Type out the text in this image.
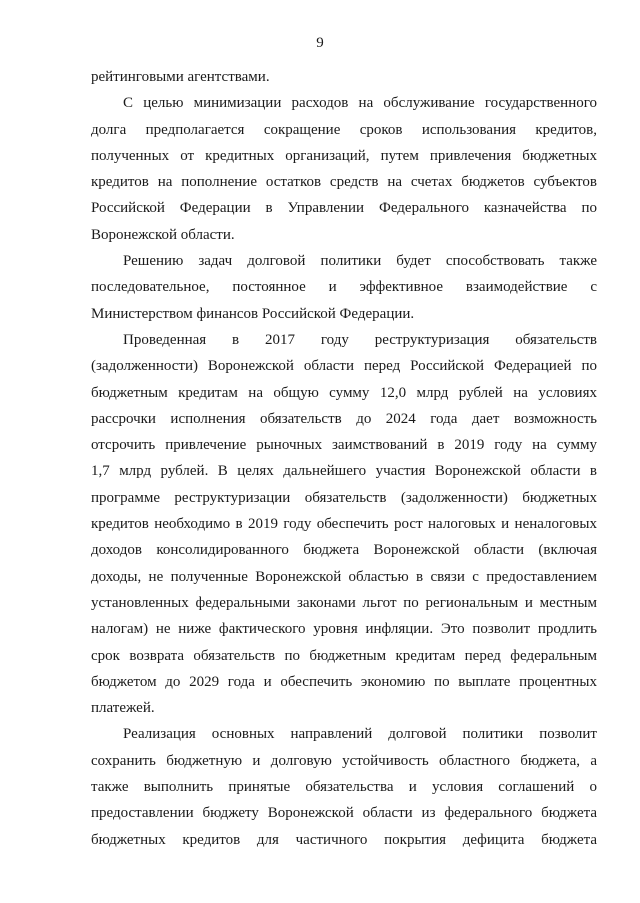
9
рейтинговыми агентствами.
С целью минимизации расходов на обслуживание государственного
долга предполагается сокращение сроков использования кредитов,
полученных от кредитных организаций, путем привлечения бюджетных
кредитов на пополнение остатков средств на счетах бюджетов субъектов
Российской Федерации в Управлении Федерального казначейства по
Воронежской области.
Решению задач долговой политики будет способствовать также
последовательное, постоянное и эффективное взаимодействие с
Министерством финансов Российской Федерации.
Проведенная в 2017 году реструктуризация обязательств
(задолженности) Воронежской области перед Российской Федерацией по
бюджетным кредитам на общую сумму 12,0 млрд рублей на условиях
рассрочки исполнения обязательств до 2024 года дает возможность
отсрочить привлечение рыночных заимствований в 2019 году на сумму
1,7 млрд рублей. В целях дальнейшего участия Воронежской области в
программе реструктуризации обязательств (задолженности) бюджетных
кредитов необходимо в 2019 году обеспечить рост налоговых и неналоговых
доходов консолидированного бюджета Воронежской области (включая
доходы, не полученные Воронежской областью в связи с предоставлением
установленных федеральными законами льгот по региональным и местным
налогам) не ниже фактического уровня инфляции. Это позволит продлить
срок возврата обязательств по бюджетным кредитам перед федеральным
бюджетом до 2029 года и обеспечить экономию по выплате процентных
платежей.
Реализация основных направлений долговой политики позволит
сохранить бюджетную и долговую устойчивость областного бюджета, а
также выполнить принятые обязательства и условия соглашений о
предоставлении бюджету Воронежской области из федерального бюджета
бюджетных кредитов для частичного покрытия дефицита бюджета
